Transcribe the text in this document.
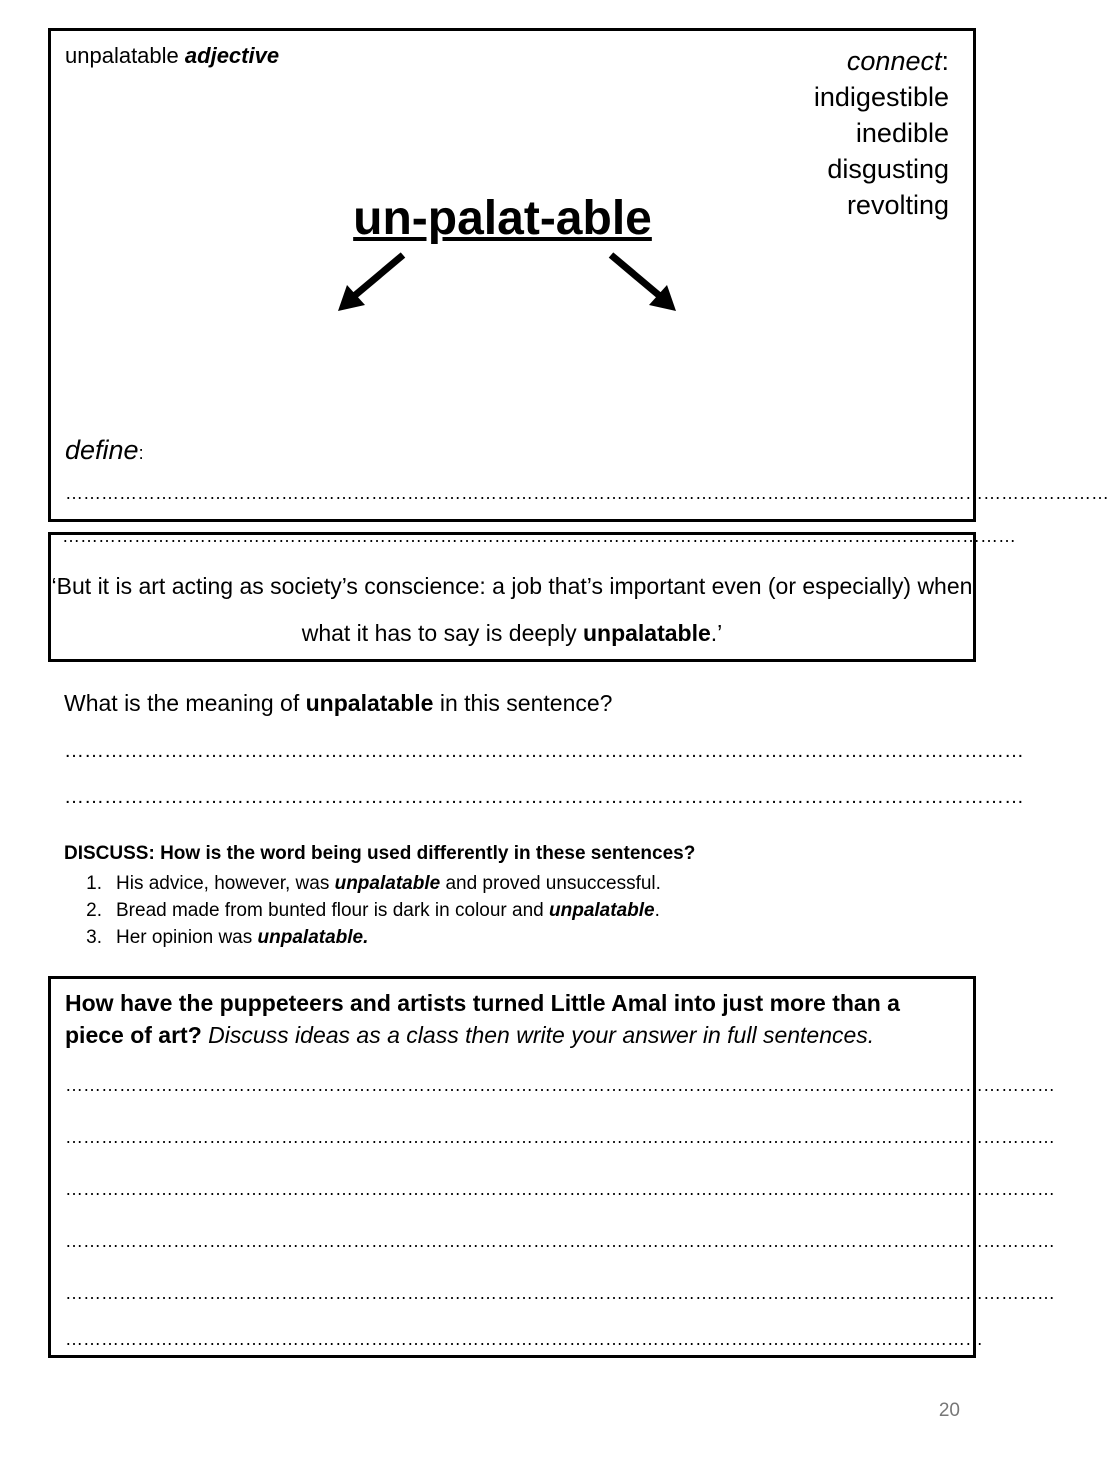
unpalatable adjective	connect:
indigestible
inedible
disgusting
revolting
un-palat-able
define:
…………………………………………………………………………………………………………………………………………………………
‘But it is art acting as society’s conscience: a job that’s important even (or especially) when what it has to say is deeply unpalatable.’
……………………………………………………………………………………………………………………………………………
What is the meaning of unpalatable in this sentence?
………………………………………………………………………………………………………………………………
………………………………………………………………………………………………………………………………
DISCUSS: How is the word being used differently in these sentences?
1. His advice, however, was unpalatable and proved unsuccessful.
2. Bread made from bunted flour is dark in colour and unpalatable.
3. Her opinion was unpalatable.
How have the puppeteers and artists turned Little Amal into just more than a piece of art? Discuss ideas as a class then write your answer in full sentences.
…………………………………………………………………………………………………………………………………………………
…………………………………………………………………………………………………………………………………………………
…………………………………………………………………………………………………………………………………………………
…………………………………………………………………………………………………………………………………………………
…………………………………………………………………………………………………………………………………………………
………………………………………………………………………………………………………………………………………
20
